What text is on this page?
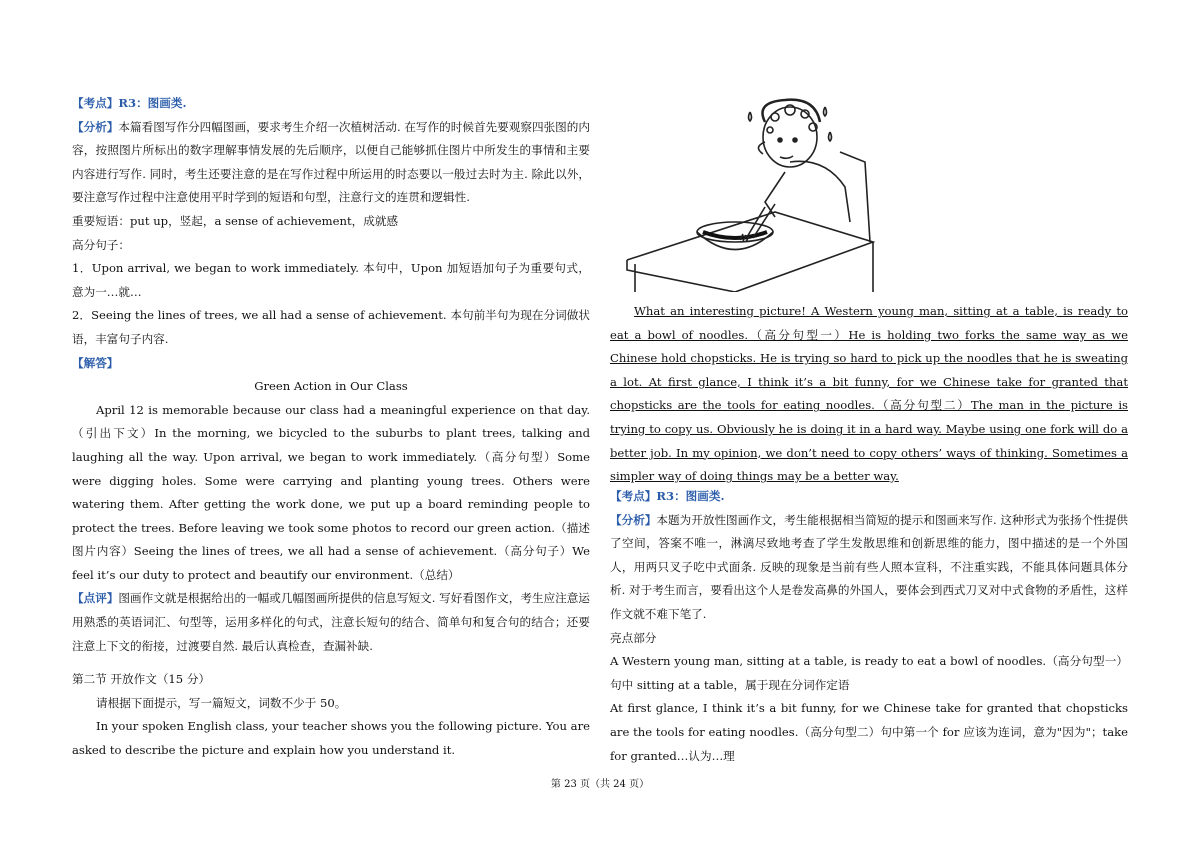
【考点】R3：图画类.

【分析】本篇看图写作分四幅图画，要求考生介绍一次植树活动. 在写作的时候首先要观察四张图的内容，按照图片所标出的数字理解事情发展的先后顺序，以便自己能够抓住图片中所发生的事情和主要内容进行写作. 同时，考生还要注意的是在写作过程中所运用的时态要以一般过去时为主. 除此以外，要注意写作过程中注意使用平时学到的短语和句型，注意行文的连贯和逻辑性.

重要短语：put up，竖起，a sense of achievement，成就感

高分句子：

1．Upon arrival, we began to work immediately. 本句中，Upon 加短语加句子为重要句式，意为一…就…

2．Seeing the lines of trees, we all had a sense of achievement. 本句前半句为现在分词做状语，丰富句子内容.

【解答】

Green Action in Our Class

April 12 is memorable because our class had a meaningful experience on that day.（引出下文）In the morning, we bicycled to the suburbs to plant trees, talking and laughing all the way. Upon arrival, we began to work immediately.（高分句型）Some were digging holes. Some were carrying and planting young trees. Others were watering them. After getting the work done, we put up a board reminding people to protect the trees. Before leaving we took some photos to record our green action.（描述图片内容）Seeing the lines of trees, we all had a sense of achievement.（高分句子）We feel it’s our duty to protect and beautify our environment.（总结）

【点评】图画作文就是根据给出的一幅或几幅图画所提供的信息写短文. 写好看图作文，考生应注意运用熟悉的英语词汇、句型等，运用多样化的句式，注意长短句的结合、简单句和复合句的结合；还要注意上下文的衔接，过渡要自然. 最后认真检查，查漏补缺.

第二节 开放作文（15 分）

请根据下面提示，写一篇短文，词数不少于 50。

In your spoken English class, your teacher shows you the following picture. You are asked to describe the picture and explain how you understand it.

What an interesting picture! A Western young man, sitting at a table, is ready to eat a bowl of noodles.（高分句型一）He is holding two forks the same way as we Chinese hold chopsticks. He is trying so hard to pick up the noodles that he is sweating a lot. At first glance, I think it’s a bit funny, for we Chinese take for granted that chopsticks are the tools for eating noodles.（高分句型二）The man in the picture is trying to copy us. Obviously he is doing it in a hard way. Maybe using one fork will do a better job. In my opinion, we don’t need to copy others’ ways of thinking. Sometimes a simpler way of doing things may be a better way.

【考点】R3：图画类.

【分析】本题为开放性图画作文，考生能根据相当简短的提示和图画来写作. 这种形式为张扬个性提供了空间，答案不唯一，淋漓尽致地考查了学生发散思维和创新思维的能力，图中描述的是一个外国人，用两只叉子吃中式面条. 反映的现象是当前有些人照本宣科，不注重实践，不能具体问题具体分析. 对于考生而言，要看出这个人是卷发高鼻的外国人，要体会到西式刀叉对中式食物的矛盾性，这样作文就不难下笔了.

亮点部分

A Western young man, sitting at a table, is ready to eat a bowl of noodles.（高分句型一）句中 sitting at a table，属于现在分词作定语

At first glance, I think it’s a bit funny, for we Chinese take for granted that chopsticks are the tools for eating noodles.（高分句型二）句中第一个 for 应该为连词，意为"因为"；take for granted…认为…理

第 23 页（共 24 页）
